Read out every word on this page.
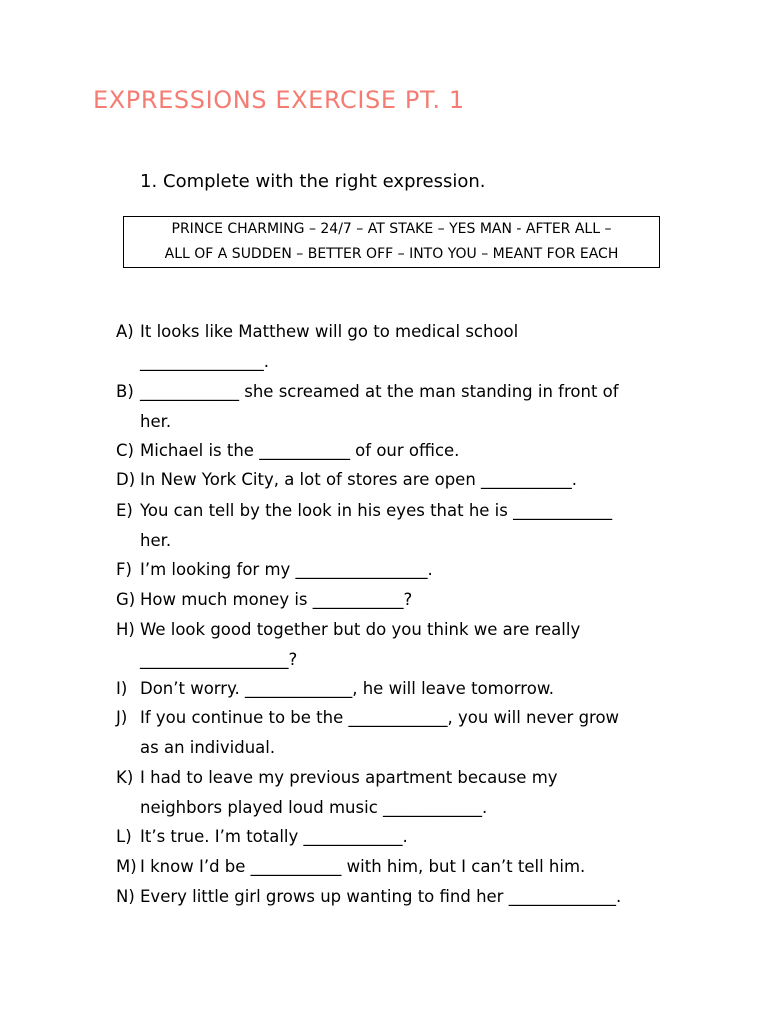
EXPRESSIONS EXERCISE PT. 1
1. Complete with the right expression.
PRINCE CHARMING – 24/7 – AT STAKE – YES MAN - AFTER ALL –
ALL OF A SUDDEN – BETTER OFF – INTO YOU – MEANT FOR EACH
A) It looks like Matthew will go to medical school
_______________.
B) ____________ she screamed at the man standing in front of
her.
C) Michael is the ___________ of our office.
D) In New York City, a lot of stores are open ___________.
E) You can tell by the look in his eyes that he is ____________
her.
F) I’m looking for my ________________.
G) How much money is ___________?
H) We look good together but do you think we are really
__________________?
I) Don’t worry. _____________, he will leave tomorrow.
J) If you continue to be the ____________, you will never grow
as an individual.
K) I had to leave my previous apartment because my
neighbors played loud music ____________.
L) It’s true. I’m totally ____________.
M) I know I’d be ___________ with him, but I can’t tell him.
N) Every little girl grows up wanting to find her _____________.
